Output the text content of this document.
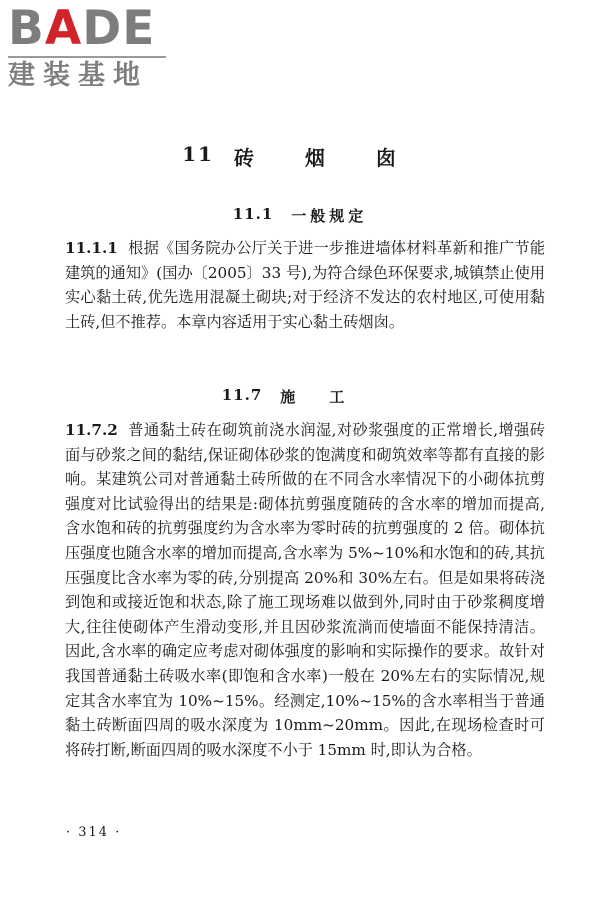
B A DE
建装基地
11 砖 烟 囱
11.1 一般规定
11.1.1 根据《国务院办公厅关于进一步推进墙体材料革新和推广节能建筑的通知》(国办〔2005〕33 号),为符合绿色环保要求,城镇禁止使用实心黏土砖,优先选用混凝土砌块;对于经济不发达的农村地区,可使用黏土砖,但不推荐。本章内容适用于实心黏土砖烟囱。
11.7 施工
11.7.2 普通黏土砖在砌筑前浇水润湿,对砂浆强度的正常增长,增强砖面与砂浆之间的黏结,保证砌体砂浆的饱满度和砌筑效率等都有直接的影响。某建筑公司对普通黏土砖所做的在不同含水率情况下的小砌体抗剪强度对比试验得出的结果是:砌体抗剪强度随砖的含水率的增加而提高,含水饱和砖的抗剪强度约为含水率为零时砖的抗剪强度的 2 倍。砌体抗压强度也随含水率的增加而提高,含水率为 5%~10%和水饱和的砖,其抗压强度比含水率为零的砖,分别提高 20%和 30%左右。但是如果将砖浇到饱和或接近饱和状态,除了施工现场难以做到外,同时由于砂浆稠度增大,往往使砌体产生滑动变形,并且因砂浆流淌而使墙面不能保持清洁。因此,含水率的确定应考虑对砌体强度的影响和实际操作的要求。故针对我国普通黏土砖吸水率(即饱和含水率)一般在 20%左右的实际情况,规定其含水率宜为 10%~15%。经测定,10%~15%的含水率相当于普通黏土砖断面四周的吸水深度为 10mm~20mm。因此,在现场检查时可将砖打断,断面四周的吸水深度不小于 15mm 时,即认为合格。
· 314 ·
